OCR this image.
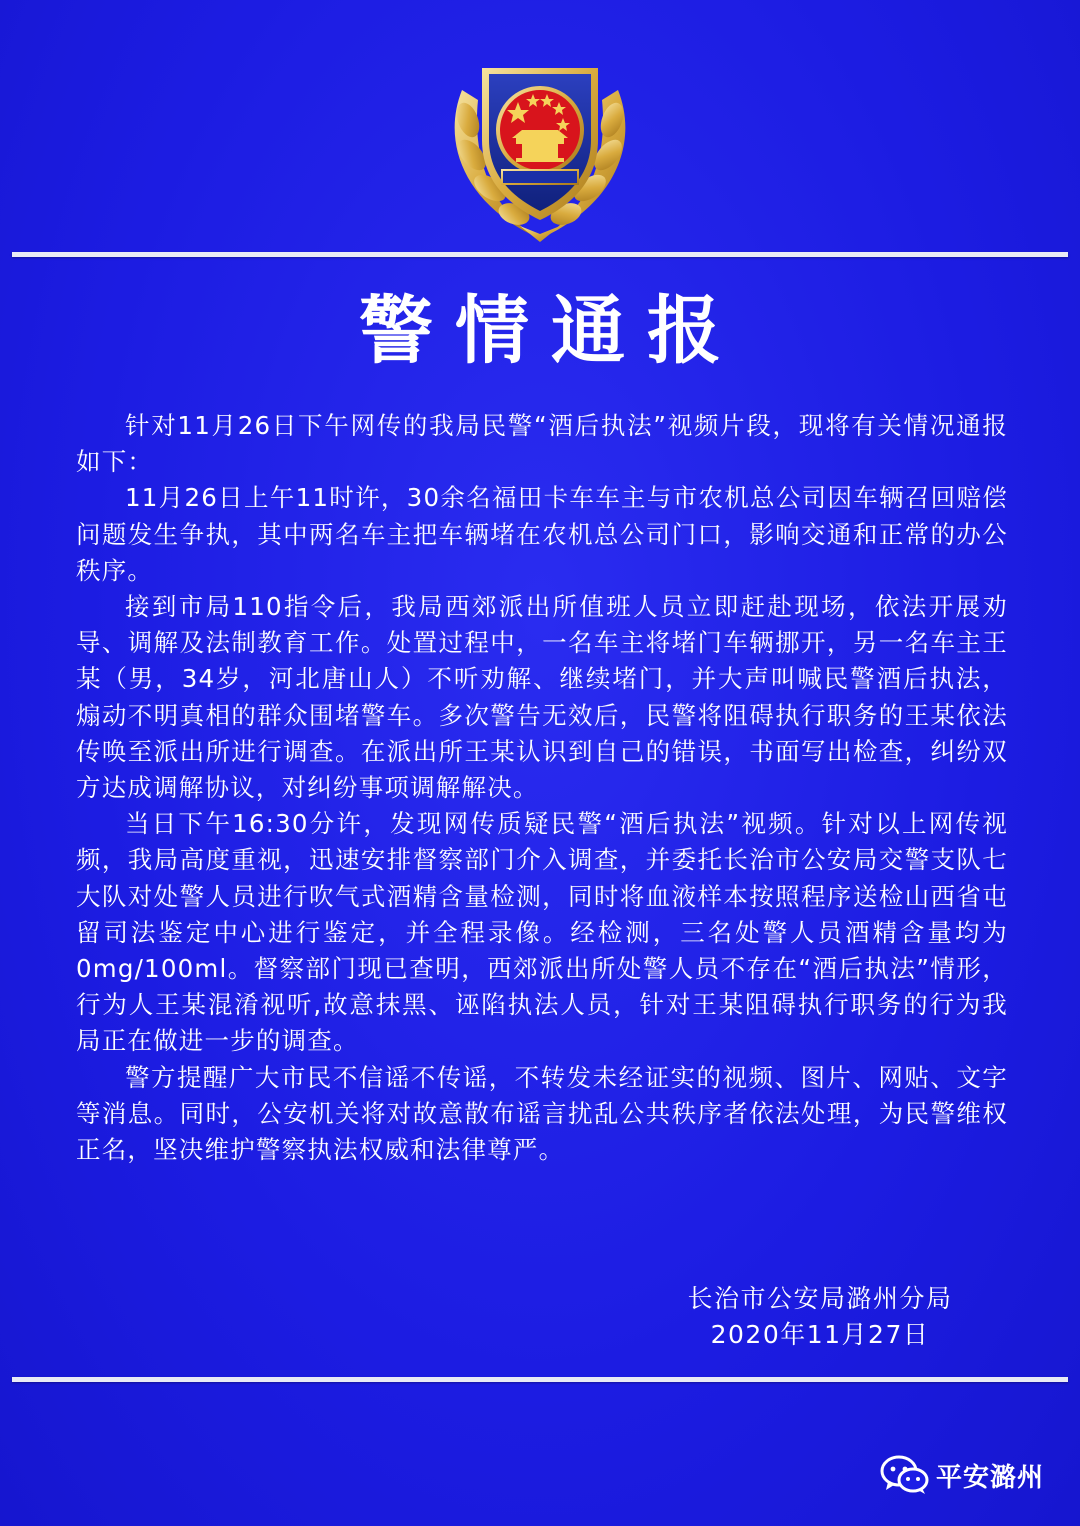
警情通报

针对11月26日下午网传的我局民警“酒后执法”视频片段，现将有关情况通报如下：

11月26日上午11时许，30余名福田卡车车主与市农机总公司因车辆召回赔偿问题发生争执，其中两名车主把车辆堵在农机总公司门口，影响交通和正常的办公秩序。

接到市局110指令后，我局西郊派出所值班人员立即赶赴现场，依法开展劝导、调解及法制教育工作。处置过程中，一名车主将堵门车辆挪开，另一名车主王某（男，34岁，河北唐山人）不听劝解、继续堵门，并大声叫喊民警酒后执法，煽动不明真相的群众围堵警车。多次警告无效后，民警将阻碍执行职务的王某依法传唤至派出所进行调查。在派出所王某认识到自己的错误，书面写出检查，纠纷双方达成调解协议，对纠纷事项调解解决。

当日下午16:30分许，发现网传质疑民警“酒后执法”视频。针对以上网传视频，我局高度重视，迅速安排督察部门介入调查，并委托长治市公安局交警支队七大队对处警人员进行吹气式酒精含量检测，同时将血液样本按照程序送检山西省屯留司法鉴定中心进行鉴定，并全程录像。经检测，三名处警人员酒精含量均为0mg/100ml。督察部门现已查明，西郊派出所处警人员不存在“酒后执法”情形，行为人王某混淆视听,故意抹黑、诬陷执法人员，针对王某阻碍执行职务的行为我局正在做进一步的调查。

警方提醒广大市民不信谣不传谣，不转发未经证实的视频、图片、网贴、文字等消息。同时，公安机关将对故意散布谣言扰乱公共秩序者依法处理，为民警维权正名，坚决维护警察执法权威和法律尊严。

长治市公安局潞州分局
2020年11月27日
平安潞州
